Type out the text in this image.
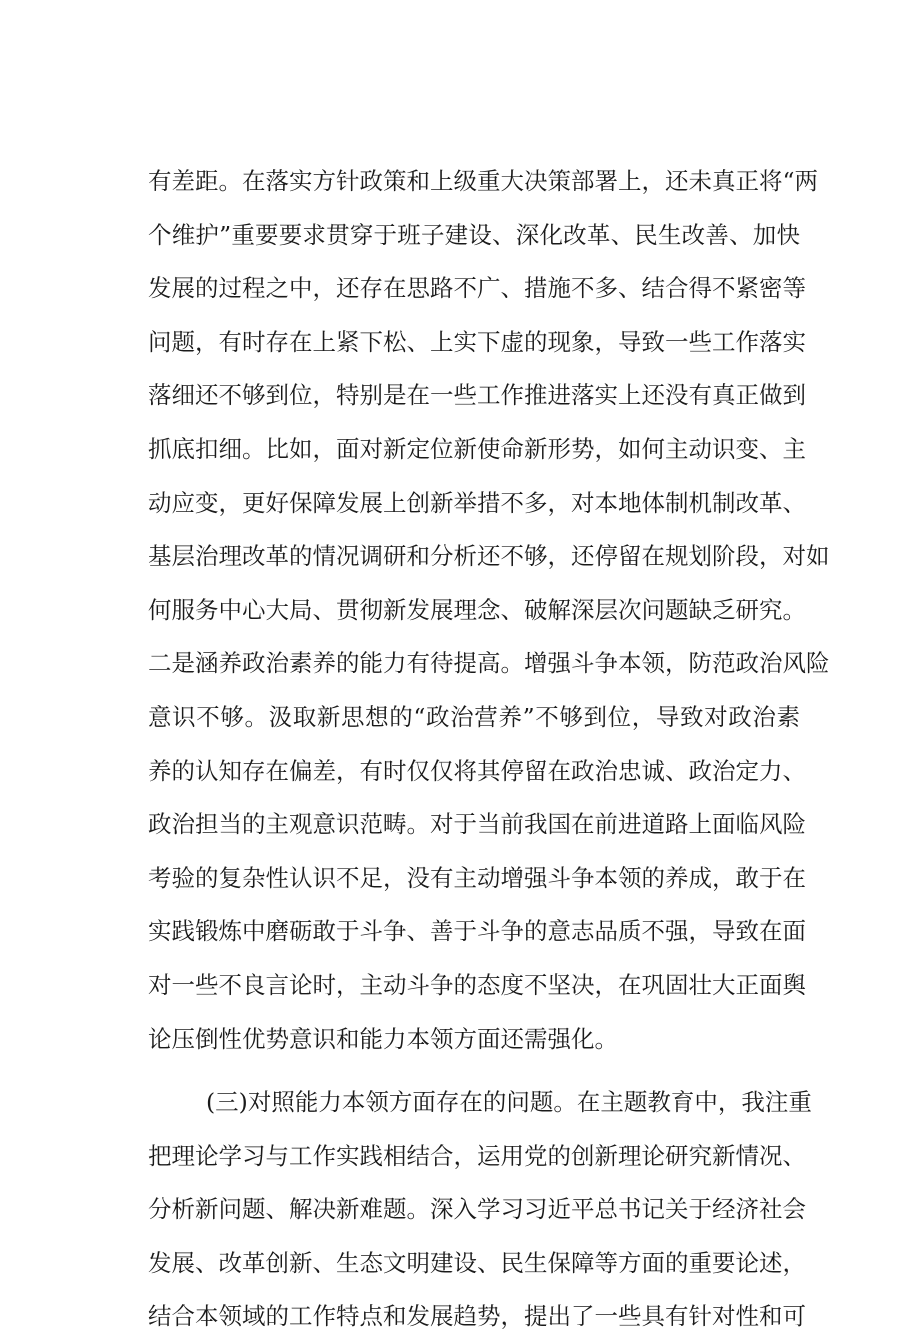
有差距。在落实方针政策和上级重大决策部署上，还未真正将“两
个维护”重要要求贯穿于班子建设、深化改革、民生改善、加快
发展的过程之中，还存在思路不广、措施不多、结合得不紧密等
问题，有时存在上紧下松、上实下虚的现象，导致一些工作落实
落细还不够到位，特别是在一些工作推进落实上还没有真正做到
抓底扣细。比如，面对新定位新使命新形势，如何主动识变、主
动应变，更好保障发展上创新举措不多，对本地体制机制改革、
基层治理改革的情况调研和分析还不够，还停留在规划阶段，对如
何服务中心大局、贯彻新发展理念、破解深层次问题缺乏研究。
二是涵养政治素养的能力有待提高。增强斗争本领，防范政治风险
意识不够。汲取新思想的“政治营养”不够到位，导致对政治素
养的认知存在偏差，有时仅仅将其停留在政治忠诚、政治定力、
政治担当的主观意识范畴。对于当前我国在前进道路上面临风险
考验的复杂性认识不足，没有主动增强斗争本领的养成，敢于在
实践锻炼中磨砺敢于斗争、善于斗争的意志品质不强，导致在面
对一些不良言论时，主动斗争的态度不坚决，在巩固壮大正面舆
论压倒性优势意识和能力本领方面还需强化。
(三)对照能力本领方面存在的问题。在主题教育中，我注重
把理论学习与工作实践相结合，运用党的创新理论研究新情况、
分析新问题、解决新难题。深入学习习近平总书记关于经济社会
发展、改革创新、生态文明建设、民生保障等方面的重要论述，
结合本领域的工作特点和发展趋势，提出了一些具有针对性和可
